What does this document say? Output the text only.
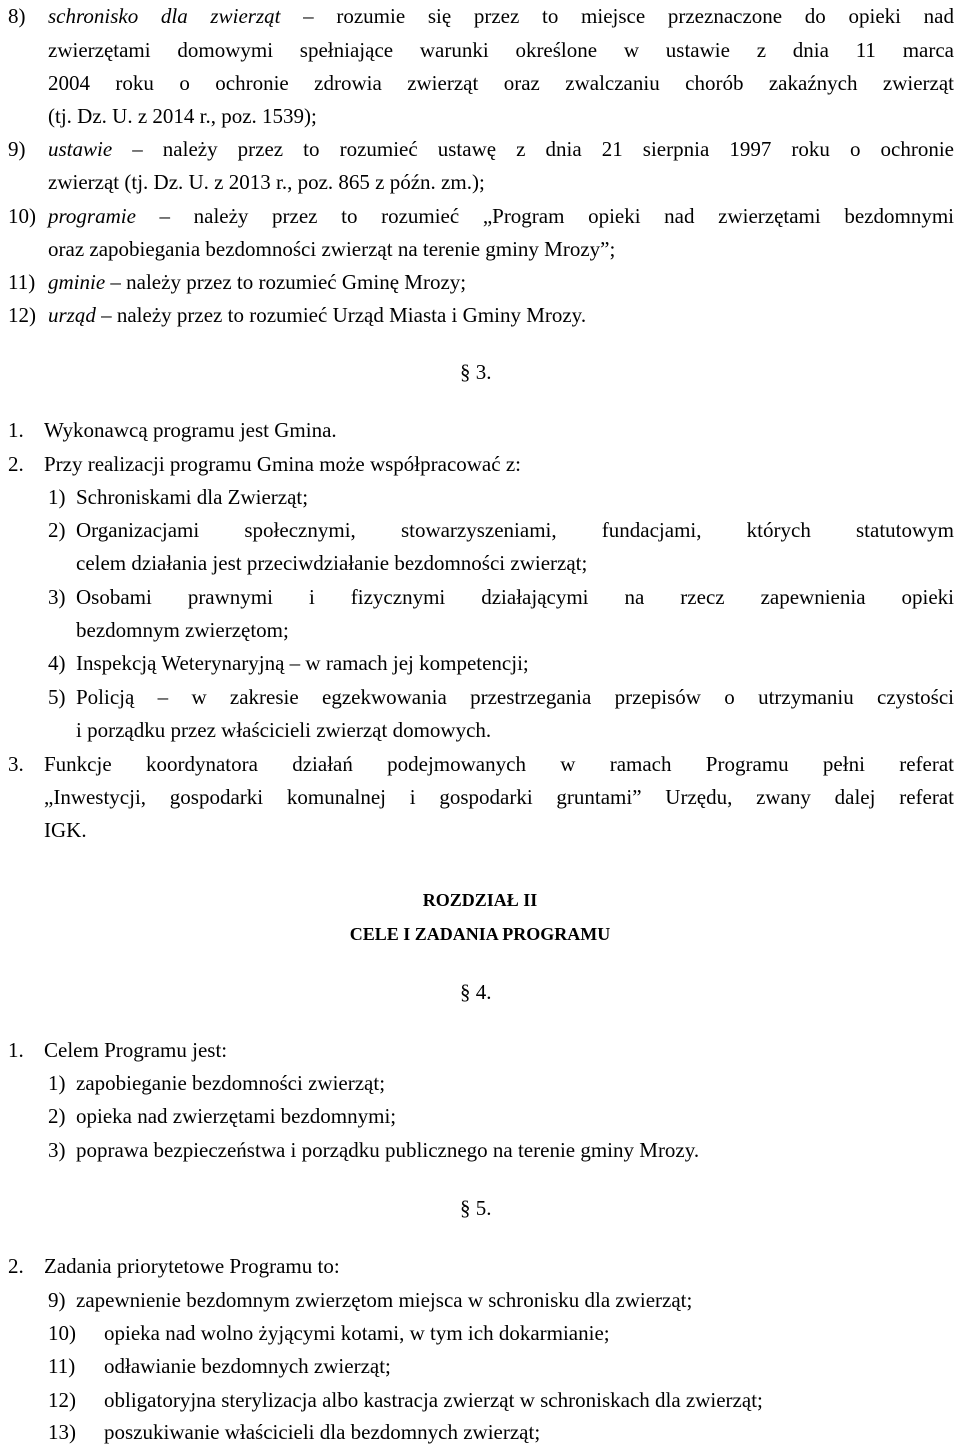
8) schronisko dla zwierząt – rozumie się przez to miejsce przeznaczone do opieki nad
zwierzętami domowymi spełniające warunki określone w ustawie z dnia 11 marca
2004 roku o ochronie zdrowia zwierząt oraz zwalczaniu chorób zakaźnych zwierząt
(tj. Dz. U. z 2014 r., poz. 1539);
9) ustawie – należy przez to rozumieć ustawę z dnia 21 sierpnia 1997 roku o ochronie
zwierząt (tj. Dz. U. z 2013 r., poz. 865 z późn. zm.);
10) programie – należy przez to rozumieć „Program opieki nad zwierzętami bezdomnymi
oraz zapobiegania bezdomności zwierząt na terenie gminy Mrozy”;
11) gminie – należy przez to rozumieć Gminę Mrozy;
12) urząd – należy przez to rozumieć Urząd Miasta i Gminy Mrozy.
§ 3.
1. Wykonawcą programu jest Gmina.
2. Przy realizacji programu Gmina może współpracować z:
1) Schroniskami dla Zwierząt;
2) Organizacjami społecznymi, stowarzyszeniami, fundacjami, których statutowym
celem działania jest przeciwdziałanie bezdomności zwierząt;
3) Osobami prawnymi i fizycznymi działającymi na rzecz zapewnienia opieki
bezdomnym zwierzętom;
4) Inspekcją Weterynaryjną – w ramach jej kompetencji;
5) Policją – w zakresie egzekwowania przestrzegania przepisów o utrzymaniu czystości
i porządku przez właścicieli zwierząt domowych.
3. Funkcje koordynatora działań podejmowanych w ramach Programu pełni referat
„Inwestycji, gospodarki komunalnej i gospodarki gruntami” Urzędu, zwany dalej referat
IGK.
ROZDZIAŁ II
CELE I ZADANIA PROGRAMU
§ 4.
1. Celem Programu jest:
1) zapobieganie bezdomności zwierząt;
2) opieka nad zwierzętami bezdomnymi;
3) poprawa bezpieczeństwa i porządku publicznego na terenie gminy Mrozy.
§ 5.
2. Zadania priorytetowe Programu to:
9) zapewnienie bezdomnym zwierzętom miejsca w schronisku dla zwierząt;
10) opieka nad wolno żyjącymi kotami, w tym ich dokarmianie;
11) odławianie bezdomnych zwierząt;
12) obligatoryjna sterylizacja albo kastracja zwierząt w schroniskach dla zwierząt;
13) poszukiwanie właścicieli dla bezdomnych zwierząt;
